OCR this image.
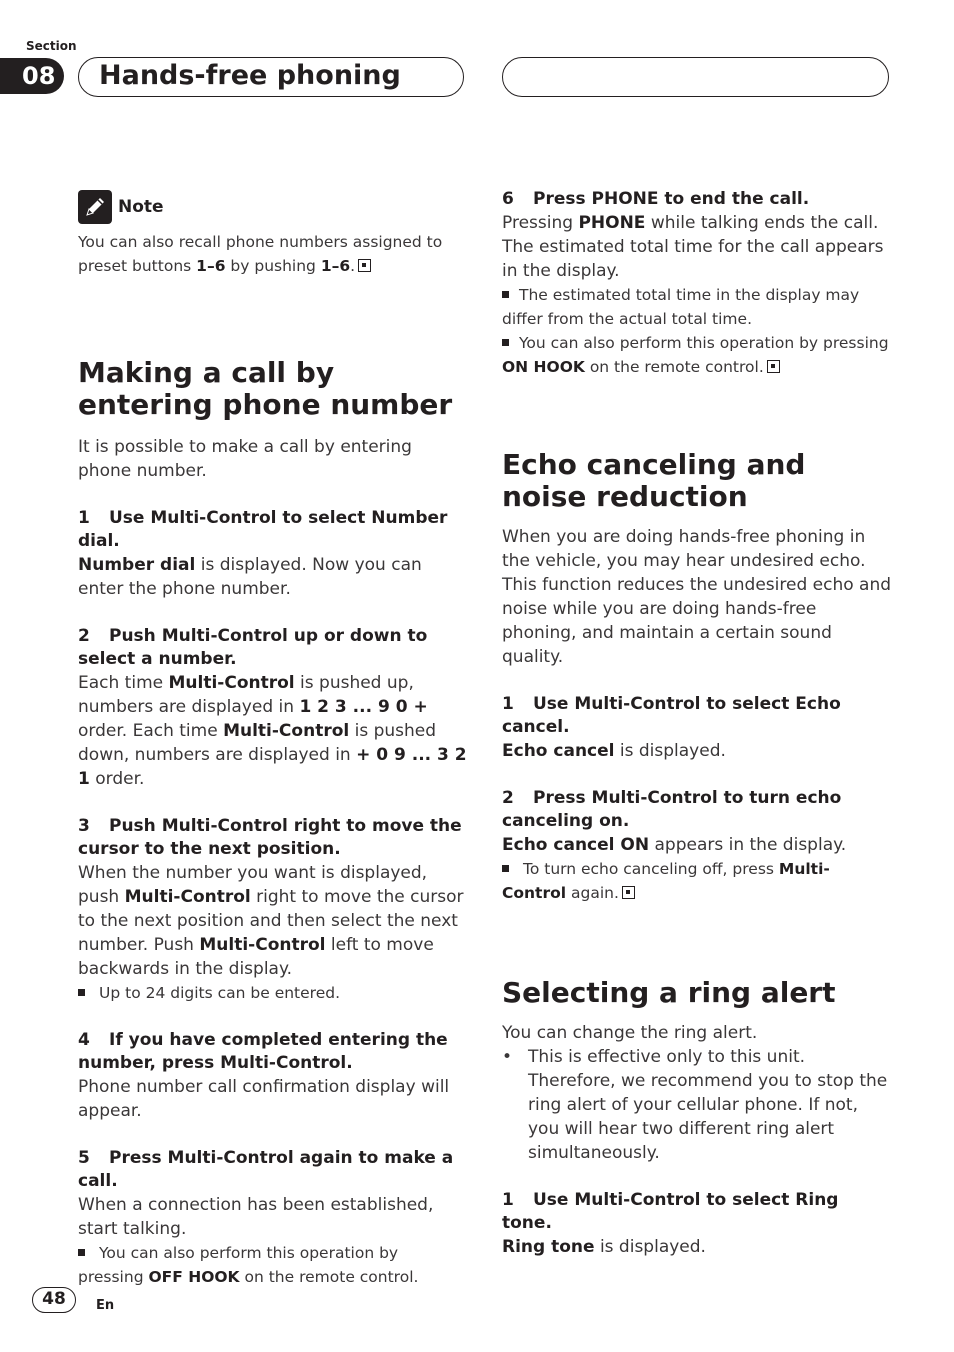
Section
08	Hands-free phoning
Note

You can also recall phone numbers assigned to preset buttons 1–6 by pushing 1–6.

Making a call by entering phone number

It is possible to make a call by entering phone number.

1 Use Multi-Control to select Number dial.

Number dial is displayed. Now you can enter the phone number.

2 Push Multi-Control up or down to select a number.

Each time Multi-Control is pushed up, numbers are displayed in 1 2 3 ... 9 0 + order. Each time Multi-Control is pushed down, numbers are displayed in + 0 9 ... 3 2 1 order.

3 Push Multi-Control right to move the cursor to the next position.

When the number you want is displayed, push Multi-Control right to move the cursor to the next position and then select the next number. Push Multi-Control left to move backwards in the display.

Up to 24 digits can be entered.

4 If you have completed entering the number, press Multi-Control.

Phone number call confirmation display will appear.

5 Press Multi-Control again to make a call.

When a connection has been established, start talking.

You can also perform this operation by pressing OFF HOOK on the remote control.

6 Press PHONE to end the call.

Pressing PHONE while talking ends the call. The estimated total time for the call appears in the display.

The estimated total time in the display may differ from the actual total time.

You can also perform this operation by pressing ON HOOK on the remote control.

Echo canceling and noise reduction

When you are doing hands-free phoning in the vehicle, you may hear undesired echo. This function reduces the undesired echo and noise while you are doing hands-free phoning, and maintain a certain sound quality.

1 Use Multi-Control to select Echo cancel.

Echo cancel is displayed.

2 Press Multi-Control to turn echo canceling on.

Echo cancel ON appears in the display.

To turn echo canceling off, press Multi-Control again.

Selecting a ring alert

You can change the ring alert.

• This is effective only to this unit. Therefore, we recommend you to stop the ring alert of your cellular phone. If not, you will hear two different ring alert simultaneously.

1 Use Multi-Control to select Ring tone.

Ring tone is displayed.

48	En
